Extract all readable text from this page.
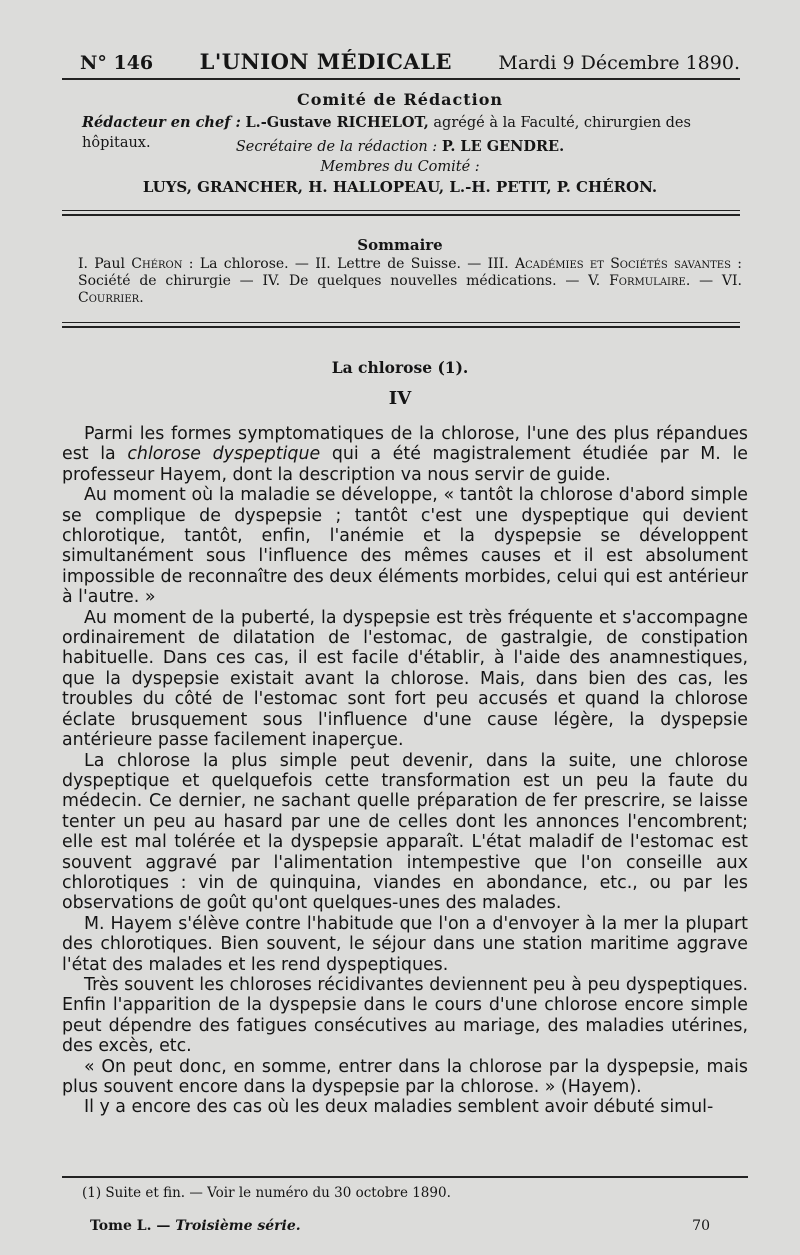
N° 146 L'UNION MÉDICALE Mardi 9 Décembre 1890.
Comité de Rédaction
Rédacteur en chef : L.-Gustave RICHELOT, agrégé à la Faculté, chirurgien des hôpitaux.	Secrétaire de la rédaction : P. LE GENDRE.
Membres du Comité :
LUYS, GRANCHER, H. HALLOPEAU, L.-H. PETIT, P. CHÉRON.
Sommaire
I. Paul Chéron : La chlorose. — II. Lettre de Suisse. — III. Académies et Sociétés savantes : Société de chirurgie — IV. De quelques nouvelles médications. — V. Formulaire. — VI. Courrier.
La chlorose (1).
IV

Parmi les formes symptomatiques de la chlorose, l'une des plus répandues est la chlorose dyspeptique qui a été magistralement étudiée par M. le professeur Hayem, dont la description va nous servir de guide.

Au moment où la maladie se développe, « tantôt la chlorose d'abord simple se complique de dyspepsie ; tantôt c'est une dyspeptique qui devient chlorotique, tantôt, enfin, l'anémie et la dyspepsie se développent simultanément sous l'influence des mêmes causes et il est absolument impossible de reconnaître des deux éléments morbides, celui qui est antérieur à l'autre. »

Au moment de la puberté, la dyspepsie est très fréquente et s'accompagne ordinairement de dilatation de l'estomac, de gastralgie, de constipation habituelle. Dans ces cas, il est facile d'établir, à l'aide des anamnestiques, que la dyspepsie existait avant la chlorose. Mais, dans bien des cas, les troubles du côté de l'estomac sont fort peu accusés et quand la chlorose éclate brusquement sous l'influence d'une cause légère, la dyspepsie antérieure passe facilement inaperçue.

La chlorose la plus simple peut devenir, dans la suite, une chlorose dyspeptique et quelquefois cette transformation est un peu la faute du médecin. Ce dernier, ne sachant quelle préparation de fer prescrire, se laisse tenter un peu au hasard par une de celles dont les annonces l'encombrent; elle est mal tolérée et la dyspepsie apparaît. L'état maladif de l'estomac est souvent aggravé par l'alimentation intempestive que l'on conseille aux chlorotiques : vin de quinquina, viandes en abondance, etc., ou par les observations de goût qu'ont quelques-unes des malades.

M. Hayem s'élève contre l'habitude que l'on a d'envoyer à la mer la plupart des chlorotiques. Bien souvent, le séjour dans une station maritime aggrave l'état des malades et les rend dyspeptiques.

Très souvent les chloroses récidivantes deviennent peu à peu dyspeptiques. Enfin l'apparition de la dyspepsie dans le cours d'une chlorose encore simple peut dépendre des fatigues consécutives au mariage, des maladies utérines, des excès, etc.

« On peut donc, en somme, entrer dans la chlorose par la dyspepsie, mais plus souvent encore dans la dyspepsie par la chlorose. » (Hayem).

Il y a encore des cas où les deux maladies semblent avoir débuté simul-

(1) Suite et fin. — Voir le numéro du 30 octobre 1890.
Tome L. — Troisième série.	70
